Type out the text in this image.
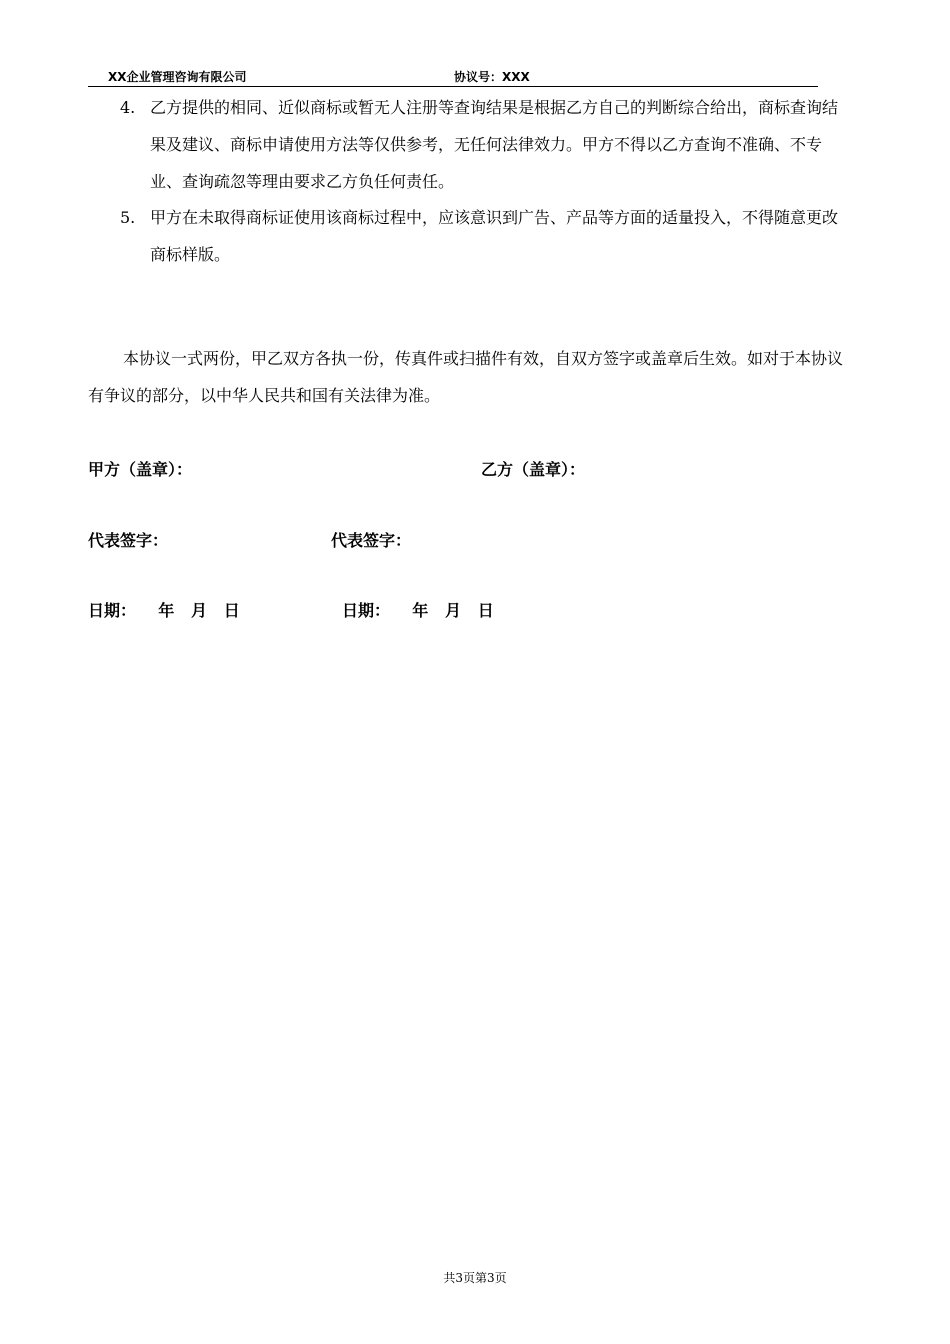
XX企业管理咨询有限公司	协议号：XXX
4. 乙方提供的相同、近似商标或暂无人注册等查询结果是根据乙方自己的判断综合给出，商标查询结果及建议、商标申请使用方法等仅供参考，无任何法律效力。甲方不得以乙方查询不准确、不专业、查询疏忽等理由要求乙方负任何责任。
5. 甲方在未取得商标证使用该商标过程中，应该意识到广告、产品等方面的适量投入，不得随意更改商标样版。
本协议一式两份，甲乙双方各执一份，传真件或扫描件有效，自双方签字或盖章后生效。如对于本协议有争议的部分，以中华人民共和国有关法律为准。
甲方（盖章）：	乙方（盖章）：
代表签字：	代表签字：
日期：    年   月   日	日期：    年   月   日
共3页第3页
